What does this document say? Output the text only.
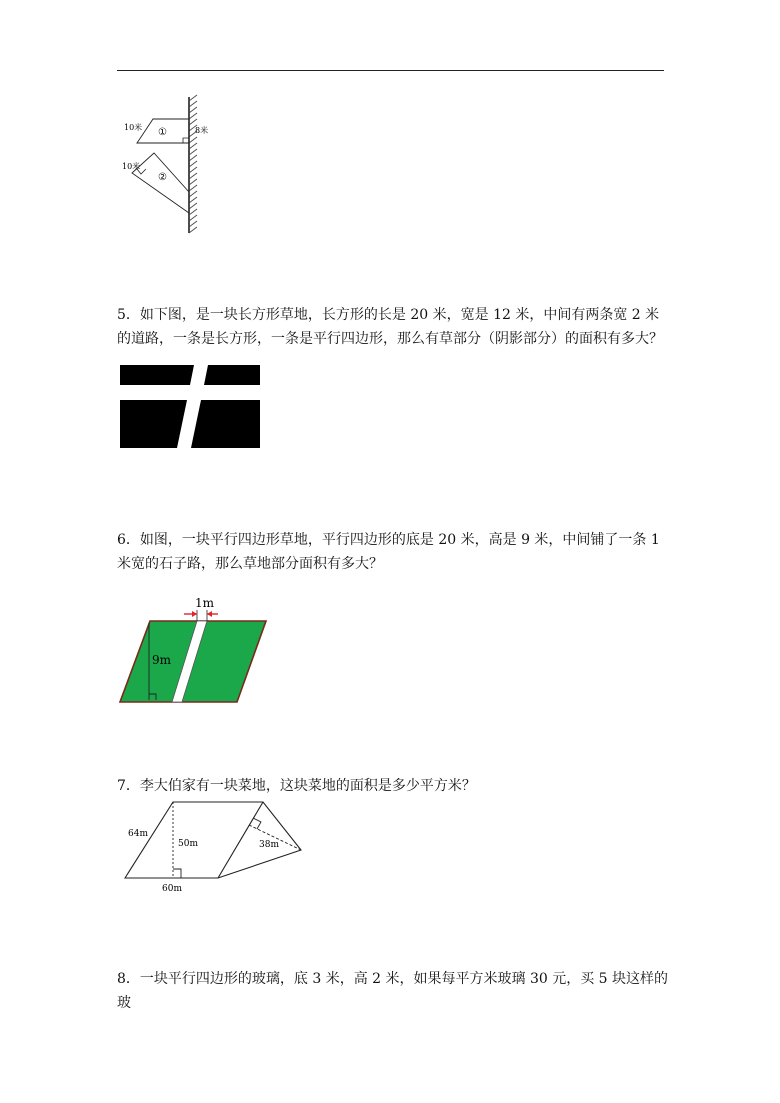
10米	8米
①
10米
②

5．如下图，是一块长方形草地，长方形的长是 20 米，宽是 12 米，中间有两条宽 2 米的道路，一条是长方形，一条是平行四边形，那么有草部分（阴影部分）的面积有多大？

6．如图，一块平行四边形草地，平行四边形的底是 20 米，高是 9 米，中间铺了一条 1 米宽的石子路，那么草地部分面积有多大？

1m
9m

7．李大伯家有一块菜地，这块菜地的面积是多少平方米？

64m
50m
60m
38m

8．一块平行四边形的玻璃，底 3 米，高 2 米，如果每平方米玻璃 30 元，买 5 块这样的玻
